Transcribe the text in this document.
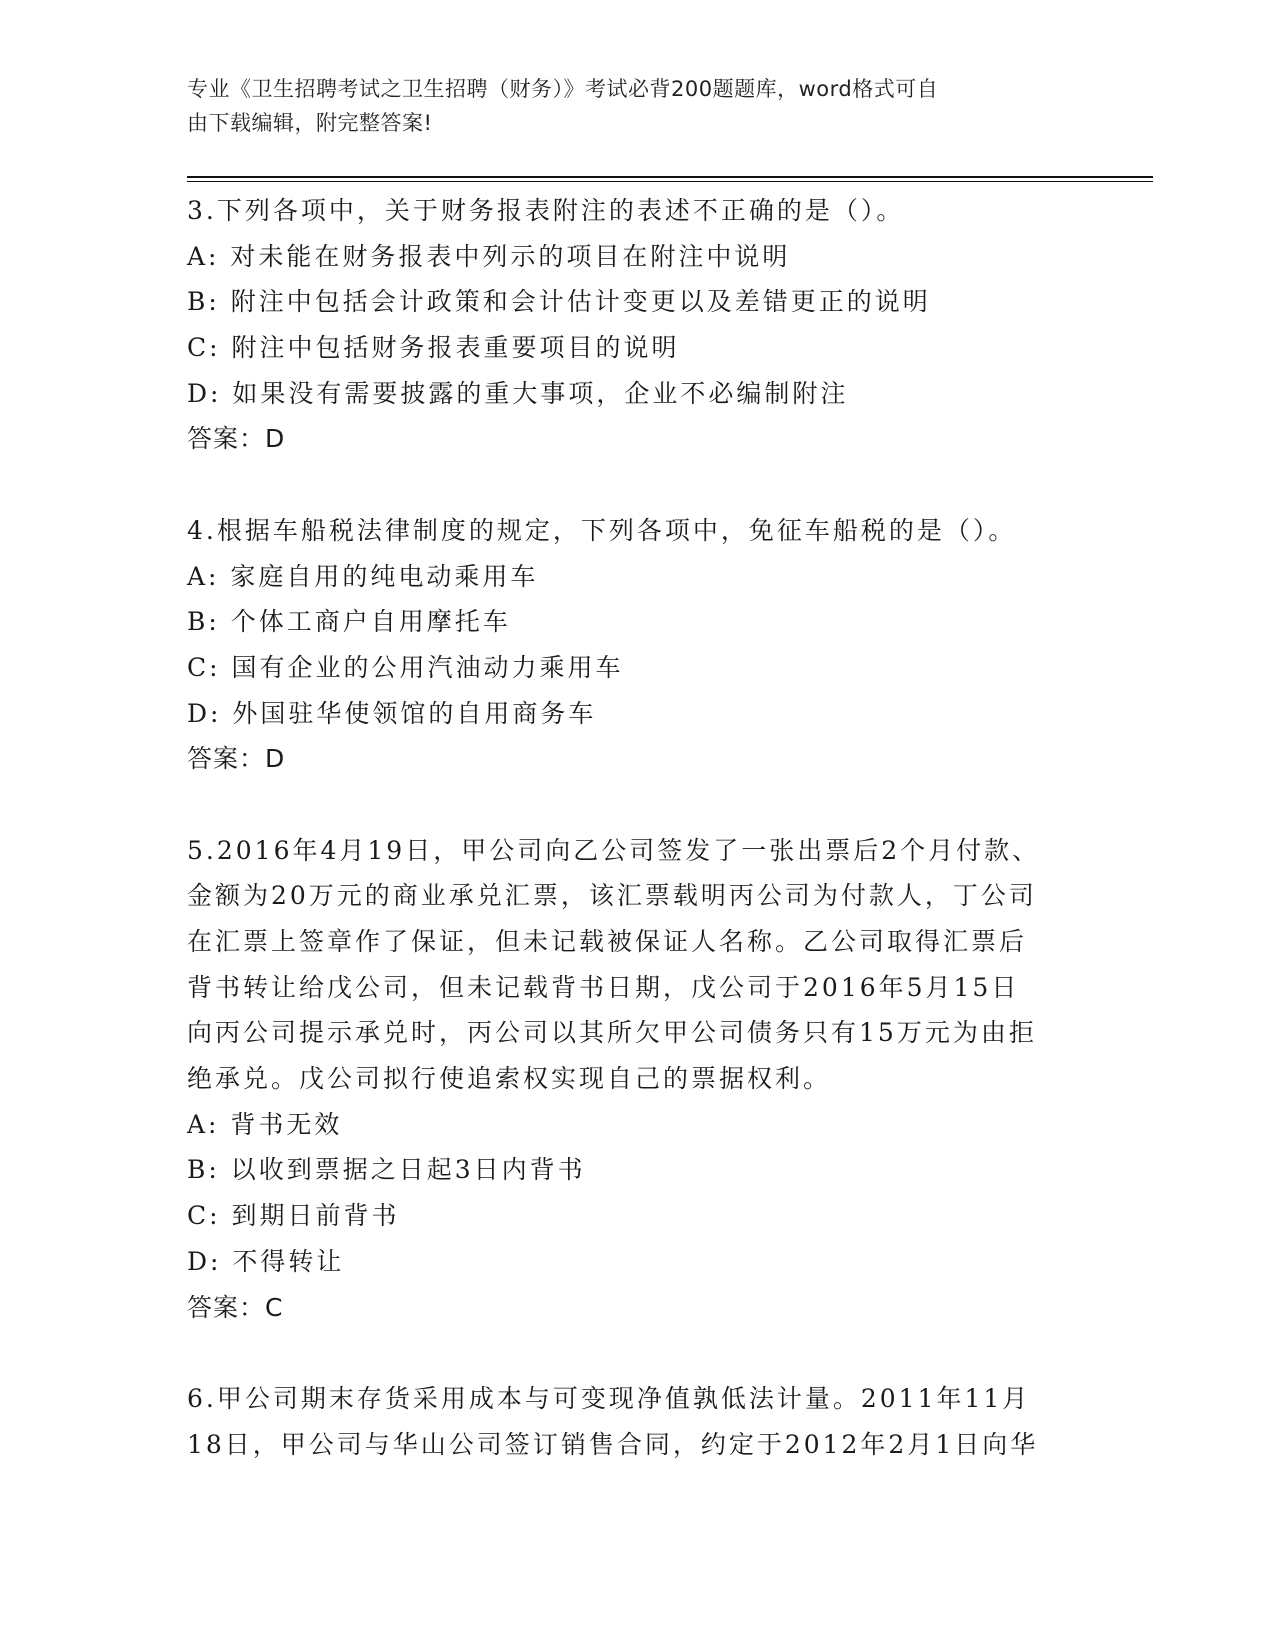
专业《卫生招聘考试之卫生招聘（财务）》考试必背200题题库，word格式可自
由下载编辑，附完整答案!
3.下列各项中，关于财务报表附注的表述不正确的是（）。
A: 对未能在财务报表中列示的项目在附注中说明
B: 附注中包括会计政策和会计估计变更以及差错更正的说明
C: 附注中包括财务报表重要项目的说明
D: 如果没有需要披露的重大事项，企业不必编制附注
答案：D
4.根据车船税法律制度的规定，下列各项中，免征车船税的是（）。
A: 家庭自用的纯电动乘用车
B: 个体工商户自用摩托车
C: 国有企业的公用汽油动力乘用车
D: 外国驻华使领馆的自用商务车
答案：D
5.2016年4月19日，甲公司向乙公司签发了一张出票后2个月付款、
金额为20万元的商业承兑汇票，该汇票载明丙公司为付款人，丁公司
在汇票上签章作了保证，但未记载被保证人名称。乙公司取得汇票后
背书转让给戊公司，但未记载背书日期，戊公司于2016年5月15日
向丙公司提示承兑时，丙公司以其所欠甲公司债务只有15万元为由拒
绝承兑。戊公司拟行使追索权实现自己的票据权利。
A: 背书无效
B: 以收到票据之日起3日内背书
C: 到期日前背书
D: 不得转让
答案：C
6.甲公司期末存货采用成本与可变现净值孰低法计量。2011年11月
18日，甲公司与华山公司签订销售合同，约定于2012年2月1日向华
